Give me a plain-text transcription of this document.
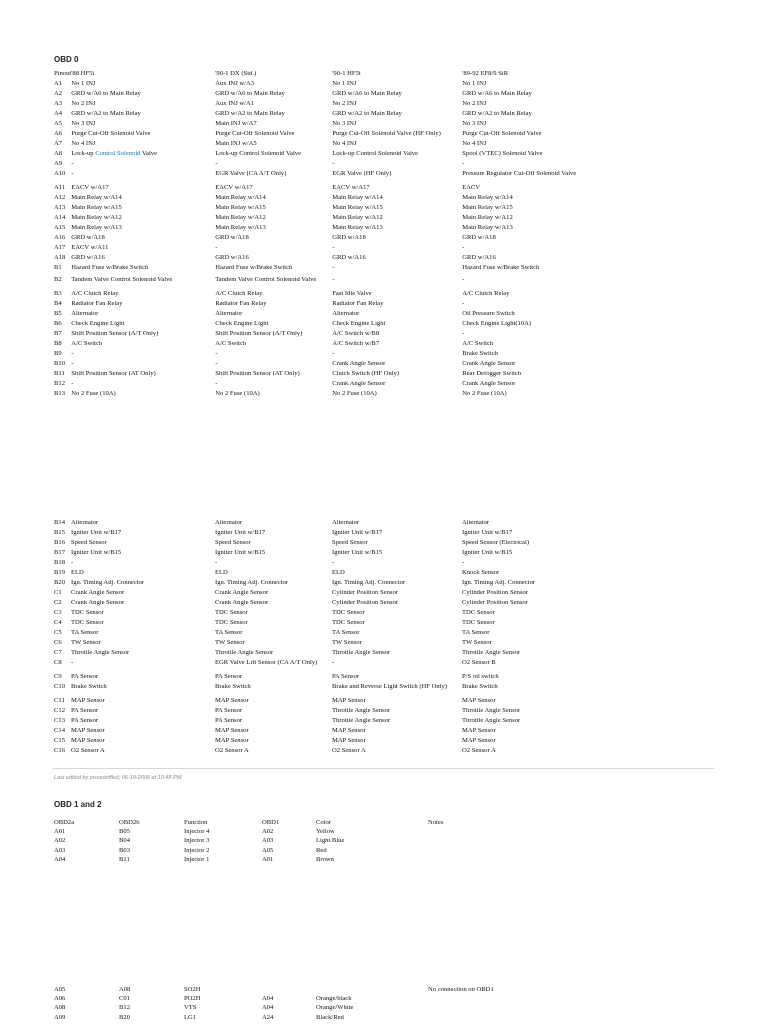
OBD 0
Pinout	'88 HF5i	'90-1 DX (Std.)	'90-1 HF5i	'89-92 EF8/9 SiR
A1	No 1 INJ	Aux INJ w/A3	No 1 INJ	No 1 INJ
A2	GRD w/A6 to Main Relay	GRD w/A6 to Main Relay	GRD w/A6 to Main Relay	GRD w/A6 to Main Relay
A3	No 2 INJ	Aux INJ w/A1	No 2 INJ	No 2 INJ
A4	GRD w/A2 to Main Relay	GRD w/A2 to Main Relay	GRD w/A2 to Main Relay	GRD w/A2 to Main Relay
A5	No 3 INJ	Main INJ w/A7	No 3 INJ	No 3 INJ
A6	Purge Cut-Off Solenoid Valve	Purge Cut-Off Solenoid Valve	Purge Cut-Off Solenoid Valve (HF Only)	Purge Cut-Off Solenoid Valve
A7	No 4 INJ	Main INJ w/A5	No 4 INJ	No 4 INJ
A8	Lock-up Control Solenoid Valve	Lock-up Control Solenoid Valve	Lock-up Control Solenoid Valve	Spool (VTEC) Solenoid Valve
A9	-	-	-	-
A10	-	EGR Valve (CA A/T Only)	EGR Valve (HF Only)	Pressure Regulator Cut-Off Solenoid Valve
A11	EACV w/A17	EACV w/A17	EACV w/A17	EACV
A12	Main Relay w/A14	Main Relay w/A14	Main Relay w/A14	Main Relay w/A14
A13	Main Relay w/A15	Main Relay w/A15	Main Relay w/A15	Main Relay w/A15
A14	Main Relay w/A12	Main Relay w/A12	Main Relay w/A12	Main Relay w/A12
A15	Main Relay w/A13	Main Relay w/A13	Main Relay w/A13	Main Relay w/A13
A16	GRD w/A18	GRD w/A18	GRD w/A18	GRD w/A18
A17	EACV w/A11	-	-	-
A18	GRD w/A16	GRD w/A16	GRD w/A16	GRD w/A16
B1	Hazard Fuse w/Brake Switch	Hazard Fuse w/Brake Switch	-	Hazard Fuse w/Brake Switch
B2	Tandem Valve Control Solenoid Valve	Tandem Valve Control Solenoid Valve	-	-
B3	A/C Clutch Relay	A/C Clutch Relay	Fast Idle Valve	A/C Clutch Relay
B4	Radiator Fan Relay	Radiator Fan Relay	Radiator Fan Relay	-
B5	Alternator	Alternator	Alternator	Oil Pressure Switch
B6	Check Engine Light	Check Engine Light	Check Engine Light	Check Engine Light(10A)
B7	Shift Position Sensor (A/T Only)	Shift Position Sensor (A/T Only)	A/C Switch w/B8	-
B8	A/C Switch	A/C Switch	A/C Switch w/B7	A/C Switch
B9	-	-	-	Brake Switch
B10	-	-	Crank Angle Sensor	Crank Angle Sensor
B11	Shift Position Sensor (AT Only)	Shift Position Sensor (AT Only)	Clutch Switch (HF Only)	Rear Defogger Switch
B12	-	-	Crank Angle Sensor	Crank Angle Sensor
B13	No 2 Fuse (10A)	No 2 Fuse (10A)	No 2 Fuse (10A)	No 2 Fuse (10A)
B14	Alternator	Alternator	Alternator	Alternator
B15	Igniter Unit w/B17	Igniter Unit w/B17	Igniter Unit w/B17	Igniter Unit w/B17
B16	Speed Sensor	Speed Sensor	Speed Sensor	Speed Sensor (Electrical)
B17	Igniter Unit w/B15	Igniter Unit w/B15	Igniter Unit w/B15	Igniter Unit w/B15
B18	-	-	-	-
B19	ELD	ELD	ELD	Knock Sensor
B20	Ign. Timing Adj. Connector	Ign. Timing Adj. Connector	Ign. Timing Adj. Connector	Ign. Timing Adj. Connector
C1	Crank Angle Sensor	Crank Angle Sensor	Cylinder Position Sensor	Cylinder Position Sensor
C2	Crank Angle Sensor	Crank Angle Sensor	Cylinder Position Sensor	Cylinder Position Sensor
C3	TDC Sensor	TDC Sensor	TDC Sensor	TDC Sensor
C4	TDC Sensor	TDC Sensor	TDC Sensor	TDC Sensor
C5	TA Sensor	TA Sensor	TA Sensor	TA Sensor
C6	TW Sensor	TW Sensor	TW Sensor	TW Sensor
C7	Throttle Angle Sensor	Throttle Angle Sensor	Throttle Angle Sensor	Throttle Angle Sensor
C8	-	EGR Valve Lift Sensor (CA A/T Only)	-	O2 Sensor B
C9	PA Sensor	PA Sensor	PA Sensor	P/S oil switch
C10	Brake Switch	Brake Switch	Brake and Reverse Light Switch (HF Only)	Brake Switch
C11	MAP Sensor	MAP Sensor	MAP Sensor	MAP Sensor
C12	PA Sensor	PA Sensor	Throttle Angle Sensor	Throttle Angle Sensor
C13	PA Sensor	PA Sensor	Throttle Angle Sensor	Throttle Angle Sensor
C14	MAP Sensor	MAP Sensor	MAP Sensor	MAP Sensor
C15	MAP Sensor	MAP Sensor	MAP Sensor	MAP Sensor
C16	O2 Sensor A	O2 Sensor A	O2 Sensor A	O2 Sensor A

Last edited by pissedoffkol; 06-19-2006 at 10:48 PM.

OBD 1 and 2
OBD2a	OBD2b	Function	OBD1	Color	Notes
A01	B05	Injector 4	A02	Yellow	
A02	B04	Injector 3	A03	Light Blue	
A03	B03	Injector 2	A05	Red	
A04	B11	Injector 1	A01	Brown	
A05	A08	SO2H			No connection on OBD1
A06	C01	PO2H	A04	Orange/black	
A08	B12	VTS	A04	Orange/White	
A09	B20	LG1	A24	Black/Red	
